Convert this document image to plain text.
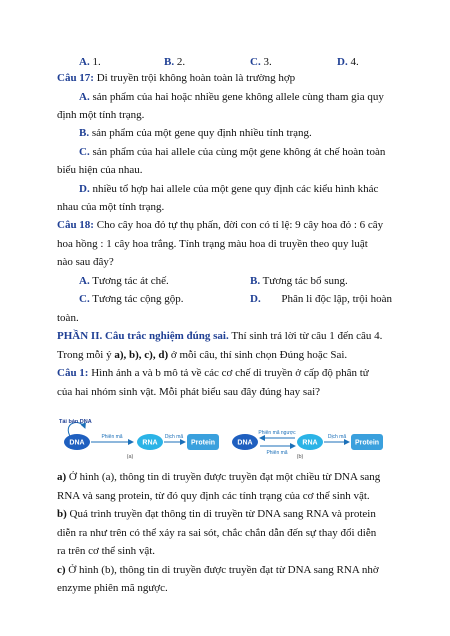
A. 1.	B. 2.	C. 3.	D. 4.
Câu 17: Di truyền trội không hoàn toàn là trường hợp
A. sản phẩm của hai hoặc nhiều gene không allele cùng tham gia quy
định một tính trạng.
B. sản phẩm của một gene quy định nhiều tính trạng.
C. sản phẩm của hai allele của cùng một gene không át chế hoàn toàn
biểu hiện của nhau.
D. nhiều tổ hợp hai allele của một gene quy định các kiểu hình khác
nhau của một tính trạng.
Câu 18: Cho cây hoa đỏ tự thụ phấn, đời con có tỉ lệ: 9 cây hoa đỏ : 6 cây
hoa hồng : 1 cây hoa trắng. Tính trạng màu hoa di truyền theo quy luật
nào sau đây?
A. Tương tác át chế.	B. Tương tác bổ sung.
C. Tương tác cộng gộp.	D. Phân li độc lập, trội hoàn
toàn.
PHẦN II. Câu trắc nghiệm đúng sai. Thí sinh trả lời từ câu 1 đến câu 4.
Trong mỗi ý a), b), c), d) ở mỗi câu, thí sinh chọn Đúng hoặc Sai.
Câu 1: Hình ảnh a và b mô tả về các cơ chế di truyền ở cấp độ phân tử
của hai nhóm sinh vật. Mỗi phát biểu sau đây đúng hay sai?
Tái bản DNA
DNA
Phiên mã
RNA
Dịch mã
Protein
(a)
DNA
Phiên mã ngược
Phiên mã
RNA
Dịch mã
Protein
(b)
a) Ở hình (a), thông tin di truyền được truyền đạt một chiều từ DNA sang
RNA và sang protein, từ đó quy định các tính trạng của cơ thể sinh vật.
b) Quá trình truyền đạt thông tin di truyền từ DNA sang RNA và protein
diễn ra như trên có thể xảy ra sai sót, chắc chắn dẫn đến sự thay đổi diễn
ra trên cơ thể sinh vật.
c) Ở hình (b), thông tin di truyền được truyền đạt từ DNA sang RNA nhờ
enzyme phiên mã ngược.
